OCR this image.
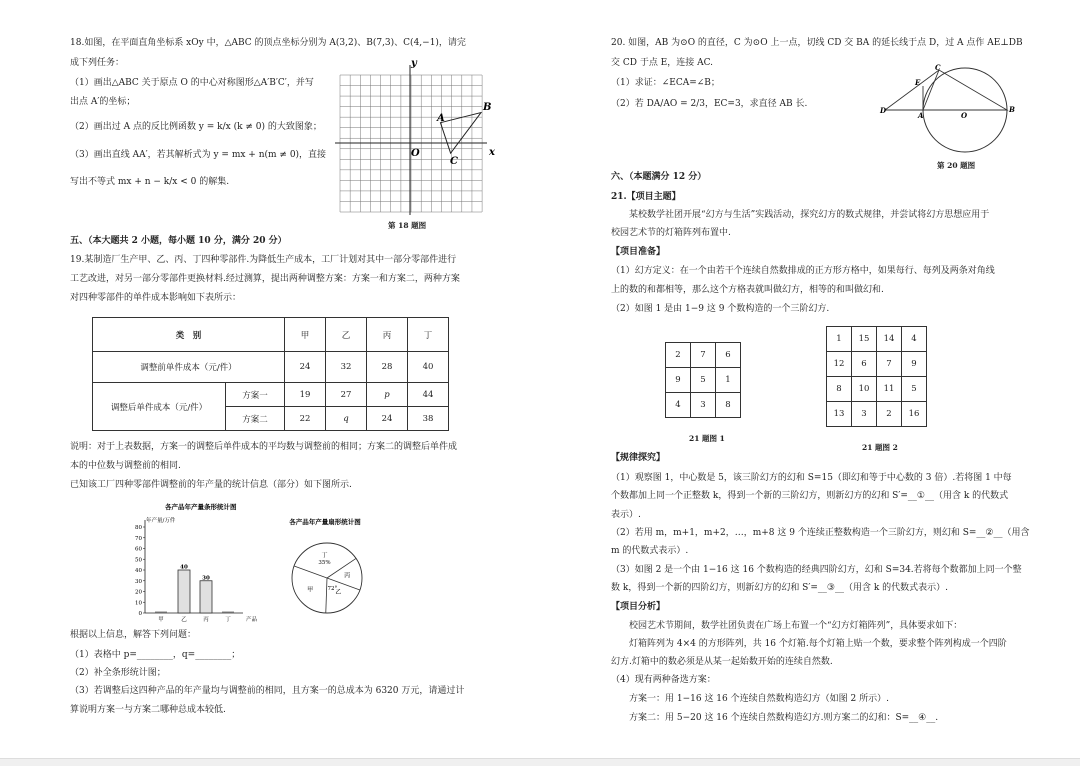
18.如图，在平面直角坐标系 xOy 中，△ABC 的顶点坐标分别为 A(3,2)、B(7,3)、C(4,−1)，请完
成下列任务：
（1）画出△ABC 关于原点 O 的中心对称图形△A′B′C′，并写
出点 A′的坐标；
（2）画出过 A 点的反比例函数 y = k/x (k ≠ 0) 的大致图象；
（3）画出直线 AA′，若其解析式为 y = mx + n(m ≠ 0)，直接
写出不等式 mx + n − k/x < 0 的解集.
y
x
O
A
B
C
第 18 题图
五、（本大题共 2 小题，每小题 10 分，满分 20 分）
19.某制造厂生产甲、乙、丙、丁四种零部件.为降低生产成本，工厂计划对其中一部分零部件进行
工艺改进，对另一部分零部件更换材料.经过测算，提出两种调整方案：方案一和方案二，两种方案
对四种零部件的单件成本影响如下表所示：
类　别		甲	乙	丙	丁
调整前单件成本（元/件）		24	32	28	40
调整后单件成本（元/件）	方案一	19	27	p	44
	方案二	22	q	24	38
说明：对于上表数据，方案一的调整后单件成本的平均数与调整前的相同；方案二的调整后单件成
本的中位数与调整前的相同.
已知该工厂四种零部件调整前的年产量的统计信息（部分）如下图所示.
各产品年产量条形统计图
年产量/万件
0
10
20
30
40
50
60
70
80
甲	乙
40
丙
30
丁	产品
各产品年产量扇形统计图
丁
35%
丙
乙
72°
甲
根据以上信息，解答下列问题：
（1）表格中 p=________，q=________；
（2）补全条形统计图；
（3）若调整后这四种产品的年产量均与调整前的相同，且方案一的总成本为 6320 万元，请通过计
算说明方案一与方案二哪种总成本较低.
20. 如图，AB 为⊙O 的直径，C 为⊙O 上一点，切线 CD 交 BA 的延长线于点 D，过 A 点作 AE⊥DB
交 CD 于点 E，连接 AC.
（1）求证：∠ECA=∠B；
（2）若 DA/AO = 2/3，EC=3，求直径 AB 长.
C
E
D
A	O
B
第 20 题图
六、（本题满分 12 分）
21.【项目主题】
　　某校数学社团开展“幻方与生活”实践活动，探究幻方的数式规律，并尝试将幻方思想应用于
校园艺术节的灯箱阵列布置中.
【项目准备】
（1）幻方定义：在一个由若干个连续自然数排成的正方形方格中，如果每行、每列及两条对角线
上的数的和都相等，那么这个方格表就叫做幻方，相等的和叫做幻和.
（2）如图 1 是由 1−9 这 9 个数构造的一个三阶幻方.
2	7	6
9	5	1
4	3	8
21 题图 1
1	15	14	4
12	6	7	9
8	10	11	5
13	3	2	16
21 题图 2
【规律探究】
（1）观察图 1，中心数是 5，该三阶幻方的幻和 S=15（即幻和等于中心数的 3 倍）.若将图 1 中每
个数都加上同一个正整数 k，得到一个新的三阶幻方，则新幻方的幻和 S′=__①__（用含 k 的代数式
表示）.
（2）若用 m，m+1，m+2，…，m+8 这 9 个连续正整数构造一个三阶幻方，则幻和 S=__②__（用含
m 的代数式表示）.
（3）如图 2 是一个由 1−16 这 16 个数构造的经典四阶幻方，幻和 S=34.若将每个数都加上同一个整
数 k，得到一个新的四阶幻方，则新幻方的幻和 S′=__③__（用含 k 的代数式表示）.
【项目分析】
　　校园艺术节期间，数学社团负责在广场上布置一个“幻方灯箱阵列”，具体要求如下：
　　灯箱阵列为 4×4 的方形阵列，共 16 个灯箱.每个灯箱上贴一个数，要求整个阵列构成一个四阶
幻方.灯箱中的数必须是从某一起始数开始的连续自然数.
（4）现有两种备选方案：
　　方案一：用 1−16 这 16 个连续自然数构造幻方（如图 2 所示）.
　　方案二：用 5−20 这 16 个连续自然数构造幻方.则方案二的幻和：S=__④__.
